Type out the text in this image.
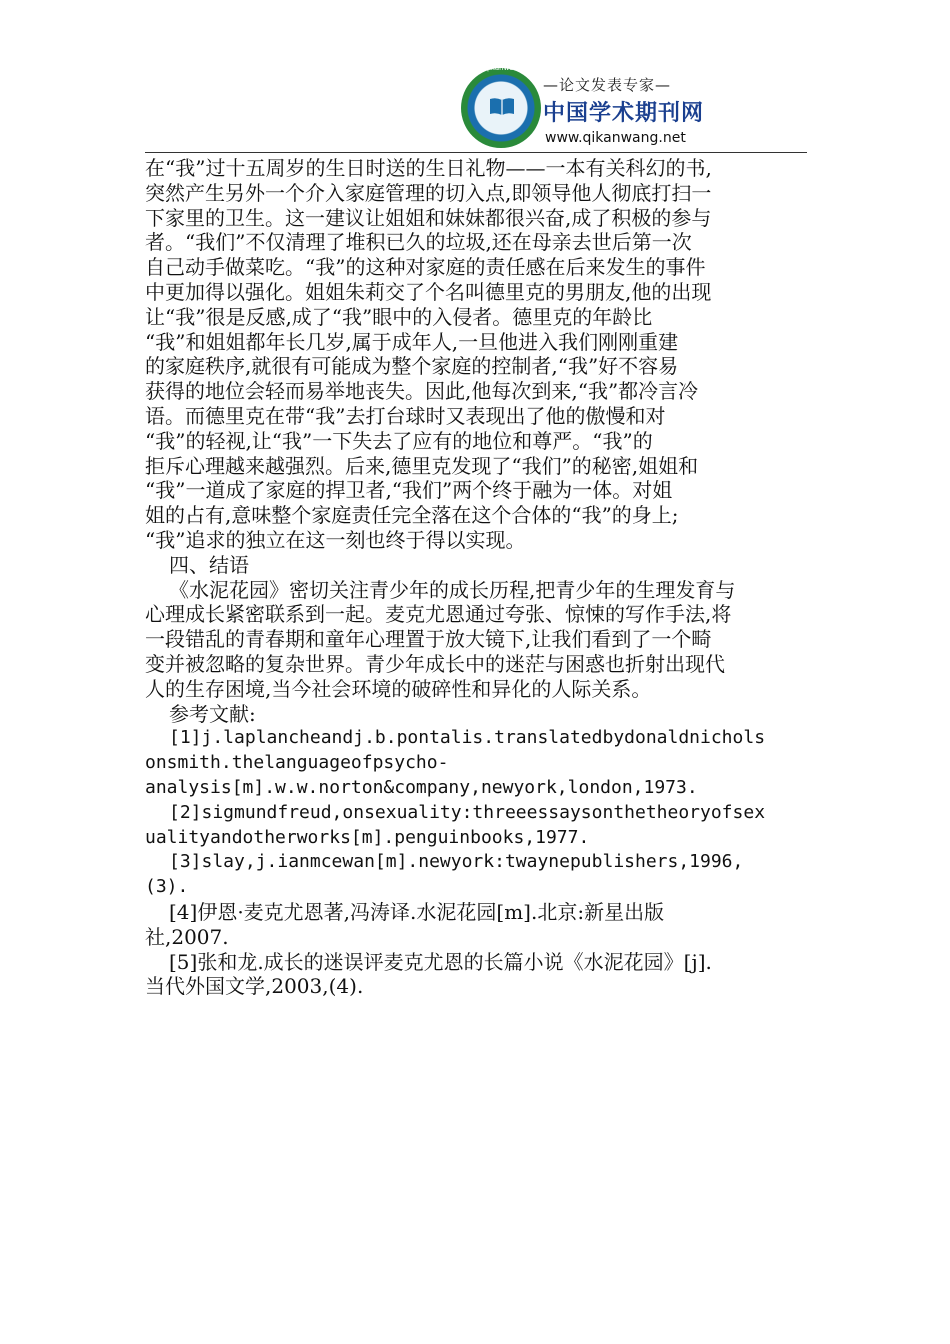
www.qikanwang.net
—论文发表专家—
中国学术期刊网
www.qikanwang.net

在“我”过十五周岁的生日时送的生日礼物——一本有关科幻的书,

突然产生另外一个介入家庭管理的切入点,即领导他人彻底打扫一

下家里的卫生。这一建议让姐姐和妹妹都很兴奋,成了积极的参与

者。“我们”不仅清理了堆积已久的垃圾,还在母亲去世后第一次

自己动手做菜吃。“我”的这种对家庭的责任感在后来发生的事件

中更加得以强化。姐姐朱莉交了个名叫德里克的男朋友,他的出现

让“我”很是反感,成了“我”眼中的入侵者。德里克的年龄比

“我”和姐姐都年长几岁,属于成年人,一旦他进入我们刚刚重建

的家庭秩序,就很有可能成为整个家庭的控制者,“我”好不容易

获得的地位会轻而易举地丧失。因此,他每次到来,“我”都冷言冷

语。而德里克在带“我”去打台球时又表现出了他的傲慢和对

“我”的轻视,让“我”一下失去了应有的地位和尊严。“我”的

拒斥心理越来越强烈。后来,德里克发现了“我们”的秘密,姐姐和

“我”一道成了家庭的捍卫者,“我们”两个终于融为一体。对姐

姐的占有,意味整个家庭责任完全落在这个合体的“我”的身上;

“我”追求的独立在这一刻也终于得以实现。

四、结语

《水泥花园》密切关注青少年的成长历程,把青少年的生理发育与

心理成长紧密联系到一起。麦克尤恩通过夸张、惊悚的写作手法,将

一段错乱的青春期和童年心理置于放大镜下,让我们看到了一个畸

变并被忽略的复杂世界。青少年成长中的迷茫与困惑也折射出现代

人的生存困境,当今社会环境的破碎性和异化的人际关系。

参考文献:

[1]j.laplancheandj.b.pontalis.translatedbydonaldnichols

onsmith.thelanguageofpsycho-

analysis[m].w.w.norton&company,newyork,london,1973.

[2]sigmundfreud,onsexuality:threeessaysonthetheoryofsex

ualityandotherworks[m].penguinbooks,1977.

[3]slay,j.ianmcewan[m].newyork:twaynepublishers,1996,

(3).

[4]伊恩·麦克尤恩著,冯涛译.水泥花园[m].北京:新星出版

社,2007.

[5]张和龙.成长的迷误评麦克尤恩的长篇小说《水泥花园》[j].

当代外国文学,2003,(4).
